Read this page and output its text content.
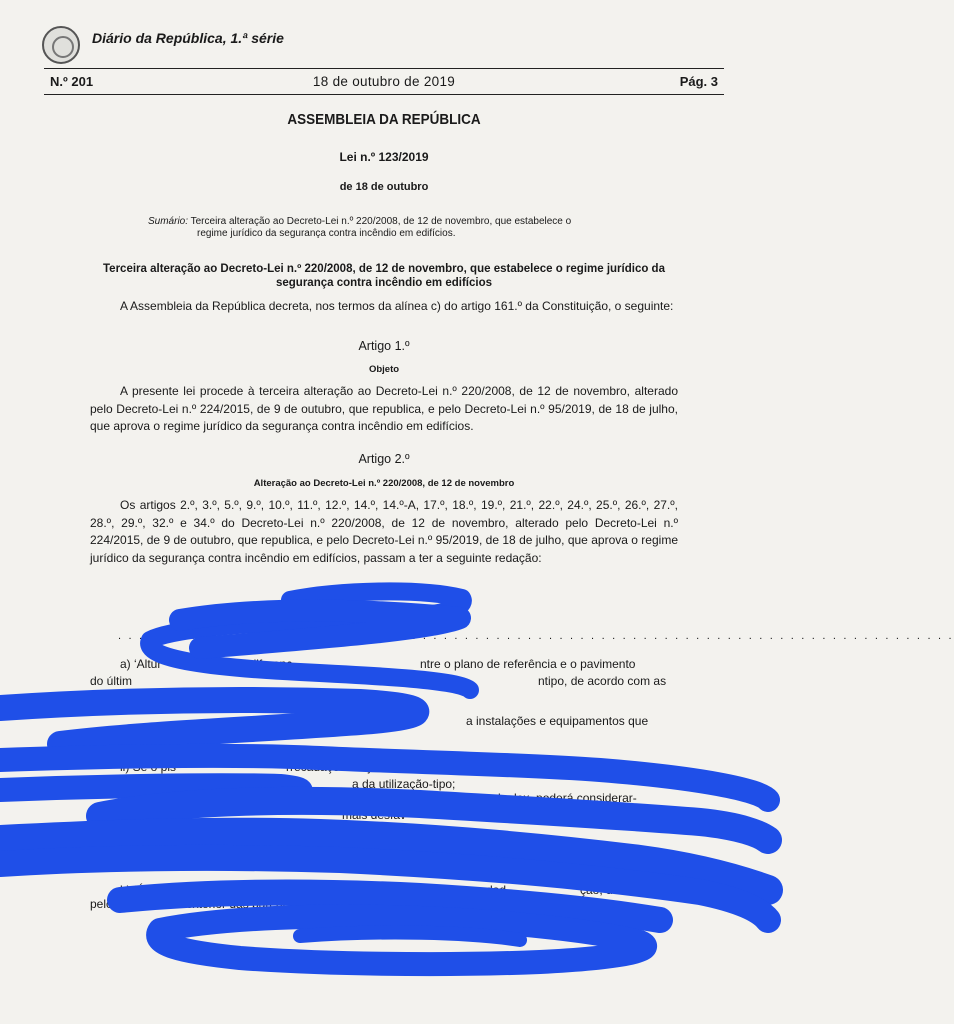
Diário da República, 1.ª série
N.º 201	18 de outubro de 2019	Pág. 3
ASSEMBLEIA DA REPÚBLICA
Lei n.º 123/2019
de 18 de outubro
Sumário: Terceira alteração ao Decreto-Lei n.º 220/2008, de 12 de novembro, que estabelece o
regime jurídico da segurança contra incêndio em edifícios.
Terceira alteração ao Decreto-Lei n.º 220/2008, de 12 de novembro, que estabelece o regime jurídico da segurança contra incêndio em edifícios
A Assembleia da República decreta, nos termos da alínea c) do artigo 161.º da Constituição, o seguinte:
Artigo 1.º
Objeto
A presente lei procede à terceira alteração ao Decreto-Lei n.º 220/2008, de 12 de novembro, alterado pelo Decreto-Lei n.º 224/2015, de 9 de outubro, que republica, e pelo Decreto-Lei n.º 95/2019, de 18 de julho, que aprova o regime jurídico da segurança contra incêndio em edifícios.
Artigo 2.º
Alteração ao Decreto-Lei n.º 220/2008, de 12 de novembro
Os artigos 2.º, 3.º, 5.º, 9.º, 10.º, 11.º, 12.º, 14.º, 14.º-A, 17.º, 18.º, 19.º, 21.º, 22.º, 24.º, 25.º, 26.º, 27.º, 28.º, 29.º, 32.º e 34.º do Decreto-Lei n.º 220/2008, de 12 de novembro, alterado pelo Decreto-Lei n.º 224/2015, de 9 de outubro, que republica, e pelo Decreto-Lei n.º 95/2019, de 18 de julho, que aprova o regime jurídico da segurança contra incêndio em edifícios, passam a ter a seguinte redação:
. . . . . . . . . . . . . . . . . . . . . . . . . . . . . . . . . . . . . . . . . . . . . . . . . . . . . . . . . . . . . . . . . . . . . . . . . . . . . . . .
a) ‘Altur	ão tipo’ a diferenç	ntre o plano de referência e o pavimento
do últim	ntipo, de acordo com as
seguint
a instalações e equipamentos que
e impliquem a
no c	ltura da utilização-tipo;
ii) Se o pis	rrecadações cuja utilização impl
a da utilização-tipo;
em duplex, poderá considerar-
-se a	mais desfav
iv) À mesma	tipo, num mesmo ed
licáveis as disposições c	ntes ao corpo de maior altura;
b) ‘Área br
exterior das paredes exteriores e eixos das paredes interiores sep
e um dad	ção, delimitada
pelo perím
ntes às restantes;
